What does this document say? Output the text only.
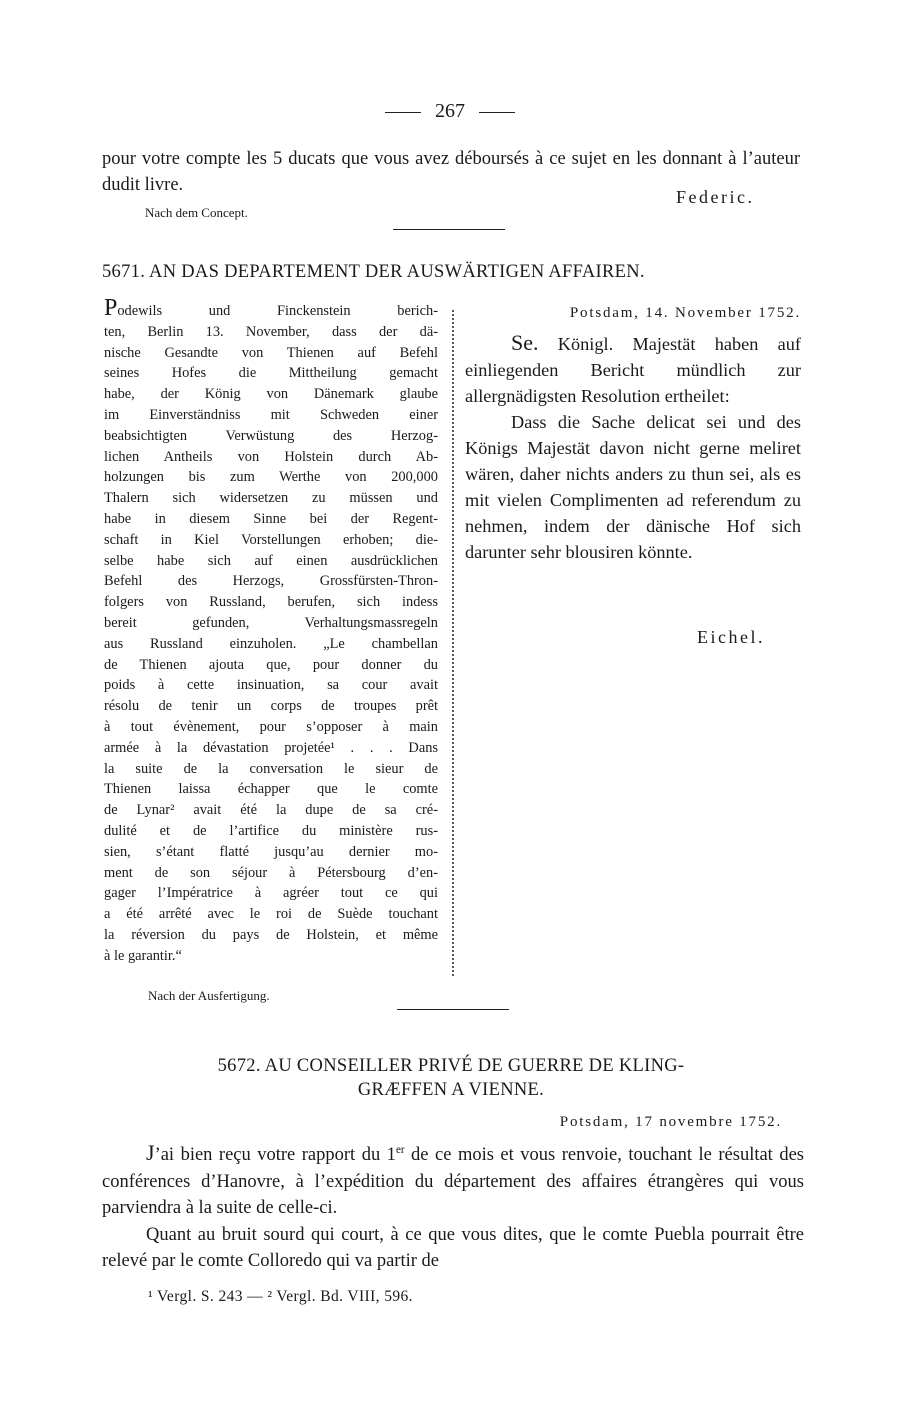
267
pour votre compte les 5 ducats que vous avez déboursés à ce sujet en les donnant à l’auteur dudit livre.
Federic.
Nach dem Concept.
5671. AN DAS DEPARTEMENT DER AUSWÄRTIGEN AFFAIREN.
Podewils und Finckenstein berich-
ten, Berlin 13. November, dass der dä-
nische Gesandte von Thienen auf Befehl
seines Hofes die Mittheilung gemacht
habe, der König von Dänemark glaube
im Einverständniss mit Schweden einer
beabsichtigten Verwüstung des Herzog-
lichen Antheils von Holstein durch Ab-
holzungen bis zum Werthe von 200,000
Thalern sich widersetzen zu müssen und
habe in diesem Sinne bei der Regent-
schaft in Kiel Vorstellungen erhoben; die-
selbe habe sich auf einen ausdrücklichen
Befehl des Herzogs, Grossfürsten-Thron-
folgers von Russland, berufen, sich indess
bereit gefunden, Verhaltungsmassregeln
aus Russland einzuholen. „Le chambellan
de Thienen ajouta que, pour donner du
poids à cette insinuation, sa cour avait
résolu de tenir un corps de troupes prêt
à tout évènement, pour s’opposer à main
armée à la dévastation projetée¹ . . . Dans
la suite de la conversation le sieur de
Thienen laissa échapper que le comte
de Lynar² avait été la dupe de sa cré-
dulité et de l’artifice du ministère rus-
sien, s’étant flatté jusqu’au dernier mo-
ment de son séjour à Pétersbourg d’en-
gager l’Impératrice à agréer tout ce qui
a été arrêté avec le roi de Suède touchant
la réversion du pays de Holstein, et même
à le garantir.“
Nach der Ausfertigung.
Potsdam, 14. November 1752.

Se. Königl. Majestät haben auf einliegenden Bericht mündlich zur allergnädigsten Resolution ertheilet:

Dass die Sache delicat sei und des Königs Majestät davon nicht gerne meliret wären, daher nichts anders zu thun sei, als es mit vielen Complimenten ad referendum zu nehmen, indem der dänische Hof sich darunter sehr blousiren könnte.

Eichel.
5672. AU CONSEILLER PRIVÉ DE GUERRE DE KLING-
GRÆFFEN A VIENNE.
Potsdam, 17 novembre 1752.

J’ai bien reçu votre rapport du 1er de ce mois et vous renvoie, touchant le résultat des conférences d’Hanovre, à l’expédition du département des affaires étrangères qui vous parviendra à la suite de celle-ci.

Quant au bruit sourd qui court, à ce que vous dites, que le comte Puebla pourrait être relevé par le comte Colloredo qui va partir de

¹ Vergl. S. 243 — ² Vergl. Bd. VIII, 596.
